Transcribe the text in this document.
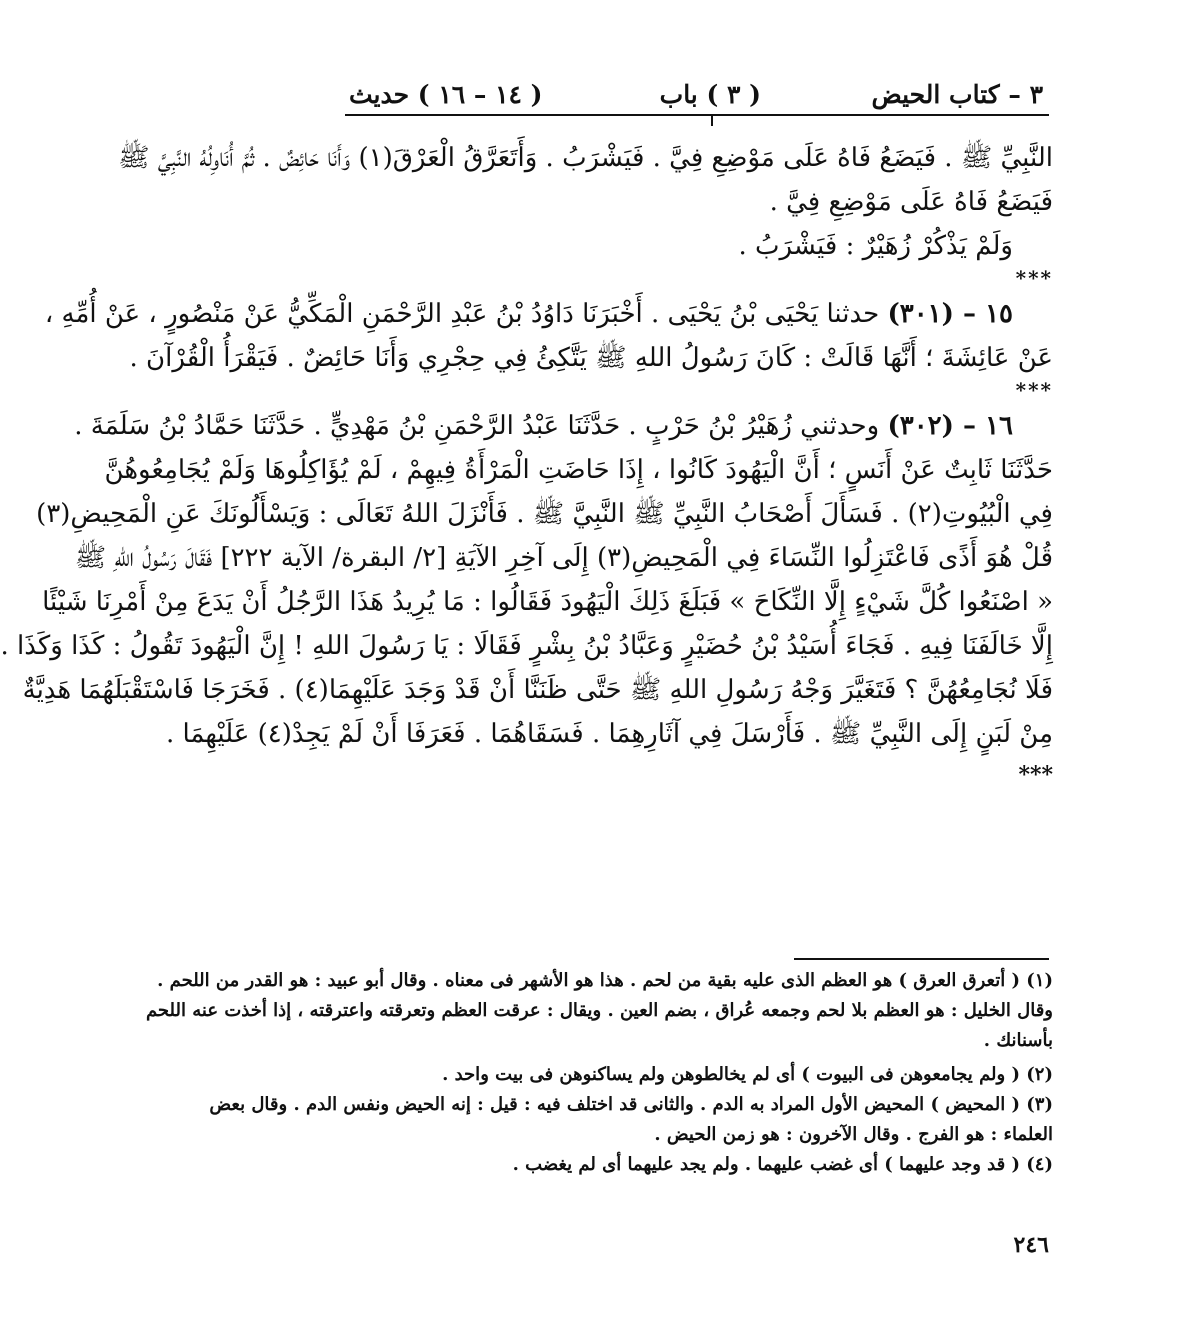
٣ – كتاب الحيض
( ٣ ) باب
( ١٤ – ١٦ ) حديث
النَّبِيِّ ﷺ . فَيَضَعُ فَاهُ عَلَى مَوْضِعِ فِيَّ . فَيَشْرَبُ . وَأَتَعَرَّقُ الْعَرْقَ(١) وَأَنَا حَائِضٌ . ثُمَّ أُنَاوِلُهُ النَّبِيَّ ﷺ
فَيَضَعُ فَاهُ عَلَى مَوْضِعِ فِيَّ .
وَلَمْ يَذْكُرْ زُهَيْرٌ : فَيَشْرَبُ .
***
١٥ – (٣٠١) حدثنا يَحْيَى بْنُ يَحْيَى . أَخْبَرَنَا دَاوُدُ بْنُ عَبْدِ الرَّحْمَنِ الْمَكِّيُّ عَنْ مَنْصُورٍ ، عَنْ أُمِّهِ ،
عَنْ عَائِشَةَ ؛ أَنَّهَا قَالَتْ : كَانَ رَسُولُ اللهِ ﷺ يَتَّكِئُ فِي حِجْرِي وَأَنَا حَائِضٌ . فَيَقْرَأُ الْقُرْآنَ .
***
١٦ – (٣٠٢) وحدثني زُهَيْرُ بْنُ حَرْبٍ . حَدَّثَنَا عَبْدُ الرَّحْمَنِ بْنُ مَهْدِيٍّ . حَدَّثَنَا حَمَّادُ بْنُ سَلَمَةَ .
حَدَّثَنَا ثَابِتٌ عَنْ أَنَسٍ ؛ أَنَّ الْيَهُودَ كَانُوا ، إِذَا حَاضَتِ الْمَرْأَةُ فِيهِمْ ، لَمْ يُؤَاكِلُوهَا وَلَمْ يُجَامِعُوهُنَّ
فِي الْبُيُوتِ(٢) . فَسَأَلَ أَصْحَابُ النَّبِيِّ ﷺ النَّبِيَّ ﷺ . فَأَنْزَلَ اللهُ تَعَالَى : وَيَسْأَلُونَكَ عَنِ الْمَحِيضِ(٣)
قُلْ هُوَ أَذًى فَاعْتَزِلُوا النِّسَاءَ فِي الْمَحِيضِ(٣) إِلَى آخِرِ الآيَةِ [٢/ البقرة/ الآية ٢٢٢] فَقَالَ رَسُولُ اللهِ ﷺ
« اصْنَعُوا كُلَّ شَيْءٍ إِلَّا النِّكَاحَ » فَبَلَغَ ذَلِكَ الْيَهُودَ فَقَالُوا : مَا يُرِيدُ هَذَا الرَّجُلُ أَنْ يَدَعَ مِنْ أَمْرِنَا شَيْئًا
إِلَّا خَالَفَنَا فِيهِ . فَجَاءَ أُسَيْدُ بْنُ حُضَيْرٍ وَعَبَّادُ بْنُ بِشْرٍ فَقَالَا : يَا رَسُولَ اللهِ ! إِنَّ الْيَهُودَ تَقُولُ : كَذَا وَكَذَا .
فَلَا نُجَامِعُهُنَّ ؟ فَتَغَيَّرَ وَجْهُ رَسُولِ اللهِ ﷺ حَتَّى ظَنَنَّا أَنْ قَدْ وَجَدَ عَلَيْهِمَا(٤) . فَخَرَجَا فَاسْتَقْبَلَهُمَا هَدِيَّةٌ
مِنْ لَبَنٍ إِلَى النَّبِيِّ ﷺ . فَأَرْسَلَ فِي آثَارِهِمَا . فَسَقَاهُمَا . فَعَرَفَا أَنْ لَمْ يَجِدْ(٤) عَلَيْهِمَا .
*⁠**
(١) ( أتعرق العرق ) هو العظم الذى عليه بقية من لحم . هذا هو الأشهر فى معناه . وقال أبو عبيد : هو القدر من اللحم .
وقال الخليل : هو العظم بلا لحم وجمعه عُراق ، بضم العين . ويقال : عرقت العظم وتعرقته واعترقته ، إذا أخذت عنه اللحم
بأسنانك .
(٢) ( ولم يجامعوهن فى البيوت ) أى لم يخالطوهن ولم يساكنوهن فى بيت واحد .
(٣) ( المحيض ) المحيض الأول المراد به الدم . والثانى قد اختلف فيه : قيل : إنه الحيض ونفس الدم . وقال بعض
العلماء : هو الفرج . وقال الآخرون : هو زمن الحيض .
(٤) ( قد وجد عليهما ) أى غضب عليهما . ولم يجد عليهما أى لم يغضب .
٢٤٦
